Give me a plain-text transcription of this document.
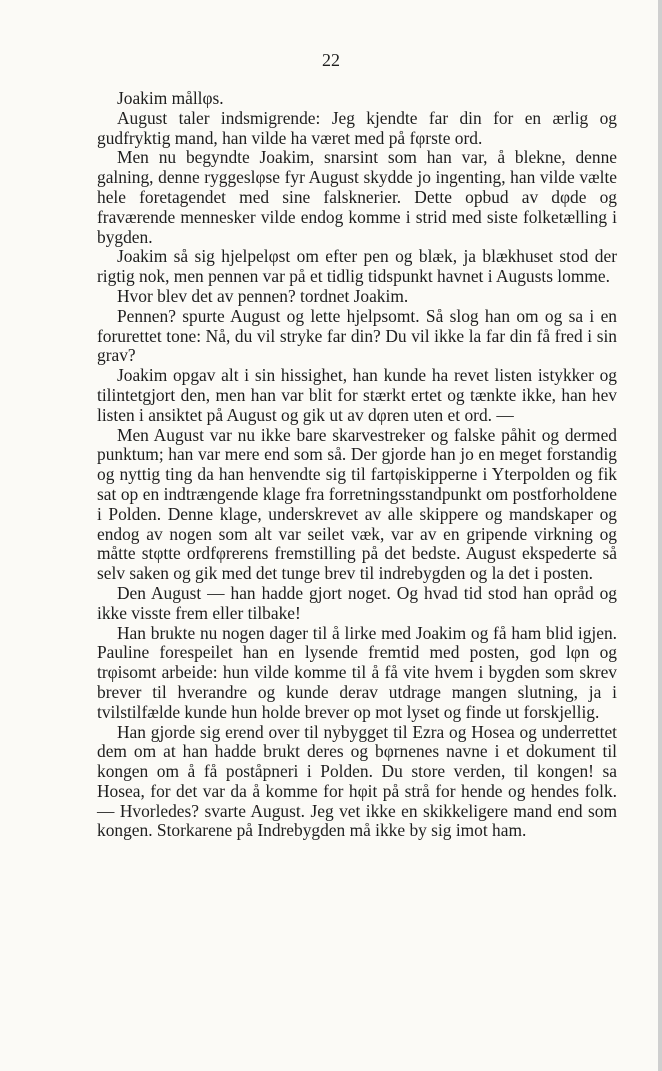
22

Joakim mållφs.

August taler indsmigrende: Jeg kjendte far din for en ærlig og gudfryktig mand, han vilde ha været med på fφrste ord.

Men nu begyndte Joakim, snarsint som han var, å blekne, denne galning, denne ryggeslφse fyr August skydde jo ingenting, han vilde vælte hele foretagendet med sine falsknerier. Dette opbud av dφde og fraværende mennesker vilde endog komme i strid med siste folketælling i bygden.

Joakim så sig hjelpelφst om efter pen og blæk, ja blækhuset stod der rigtig nok, men pennen var på et tidlig tidspunkt havnet i Augusts lomme.

Hvor blev det av pennen? tordnet Joakim.

Pennen? spurte August og lette hjelpsomt. Så slog han om og sa i en forurettet tone: Nå, du vil stryke far din? Du vil ikke la far din få fred i sin grav?

Joakim opgav alt i sin hissighet, han kunde ha revet listen istykker og tilintetgjort den, men han var blit for stærkt ertet og tænkte ikke, han hev listen i ansiktet på August og gik ut av dφren uten et ord. —

Men August var nu ikke bare skarvestreker og falske påhit og dermed punktum; han var mere end som så. Der gjorde han jo en meget forstandig og nyttig ting da han henvendte sig til fartφiskipperne i Yterpolden og fik sat op en indtrængende klage fra forretningsstandpunkt om postforholdene i Polden. Denne klage, underskrevet av alle skippere og mandskaper og endog av nogen som alt var seilet væk, var av en gripende virkning og måtte stφtte ordfφrerens fremstilling på det bedste. August ekspederte så selv saken og gik med det tunge brev til indrebygden og la det i posten.

Den August — han hadde gjort noget. Og hvad tid stod han opråd og ikke visste frem eller tilbake!

Han brukte nu nogen dager til å lirke med Joakim og få ham blid igjen. Pauline forespeilet han en lysende fremtid med posten, god lφn og trφisomt arbeide: hun vilde komme til å få vite hvem i bygden som skrev brever til hverandre og kunde derav utdrage mangen slutning, ja i tvilstilfælde kunde hun holde brever op mot lyset og finde ut forskjellig.

Han gjorde sig erend over til nybygget til Ezra og Hosea og underrettet dem om at han hadde brukt deres og bφrnenes navne i et dokument til kongen om å få poståpneri i Polden. Du store verden, til kongen! sa Hosea, for det var da å komme for hφit på strå for hende og hendes folk. — Hvorledes? svarte August. Jeg vet ikke en skikkeligere mand end som kongen. Storkarene på Indrebygden må ikke by sig imot ham.
